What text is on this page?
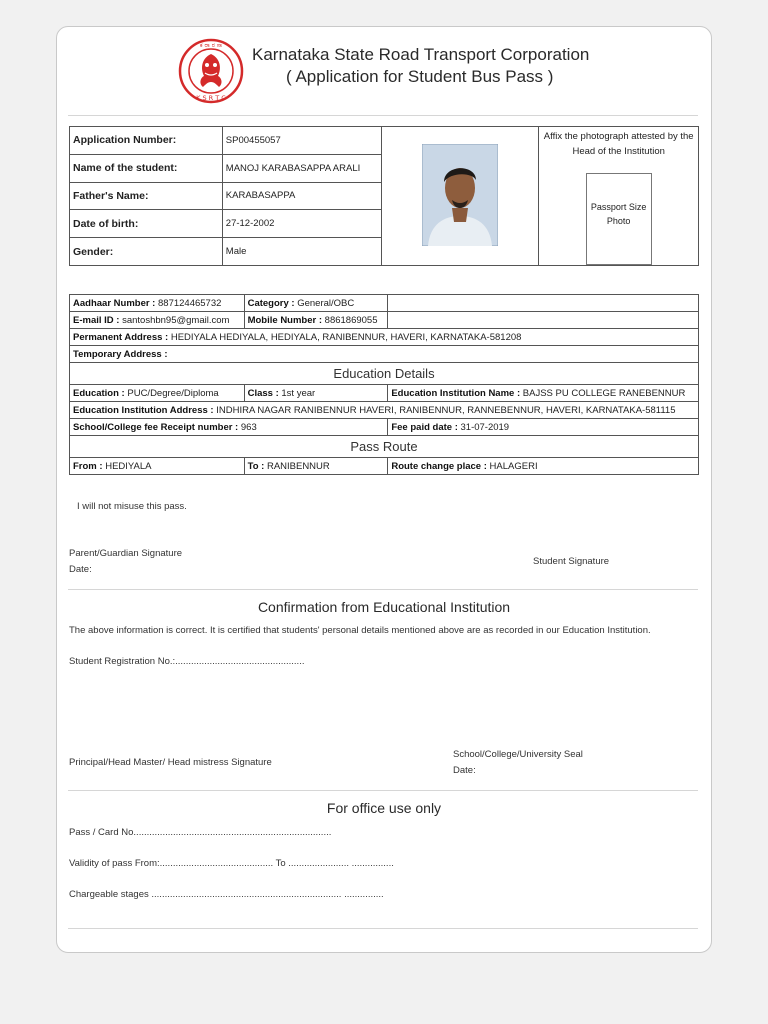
ಕ ರಾ ರ ಸಾ
K S R T C
Karnataka State Road Transport Corporation
( Application for Student Bus Pass )
Application Number:	SP00455057		Affix the photograph attested by the Head of the Institution
Passport Size
Photo

Name of the student:	MANOJ KARABASAPPA ARALI		
Father's Name:	KARABASAPPA		
Date of birth:	27-12-2002		
Gender:	Male		
Aadhaar Number : 887124465732	Category : General/OBC	
E-mail ID : santoshbn95@gmail.com	Mobile Number : 8861869055	
Permanent Address : HEDIYALA HEDIYALA, HEDIYALA, RANIBENNUR, HAVERI, KARNATAKA-581208		
Temporary Address :		
Education Details		
Education : PUC/Degree/Diploma	Class : 1st year	Education Institution Name : BAJSS PU COLLEGE RANEBENNUR
Education Institution Address : INDHIRA NAGAR RANIBENNUR HAVERI, RANIBENNUR, RANNEBENNUR, HAVERI, KARNATAKA-581115		
School/College fee Receipt number : 963		Fee paid date : 31-07-2019
Pass Route		
From : HEDIYALA	To : RANIBENNUR	Route change place : HALAGERI
I will not misuse this pass.
Parent/Guardian Signature
Date:
Student Signature
Confirmation from Educational Institution
The above information is correct. It is certified that students' personal details mentioned above are as recorded in our Education Institution.
Student Registration No.:.................................................
Principal/Head Master/ Head mistress Signature
School/College/University Seal
Date:
For office use only
Pass / Card No...........................................................................
Validity of pass From:........................................... To ....................... ................
Chargeable stages ........................................................................ ...............
